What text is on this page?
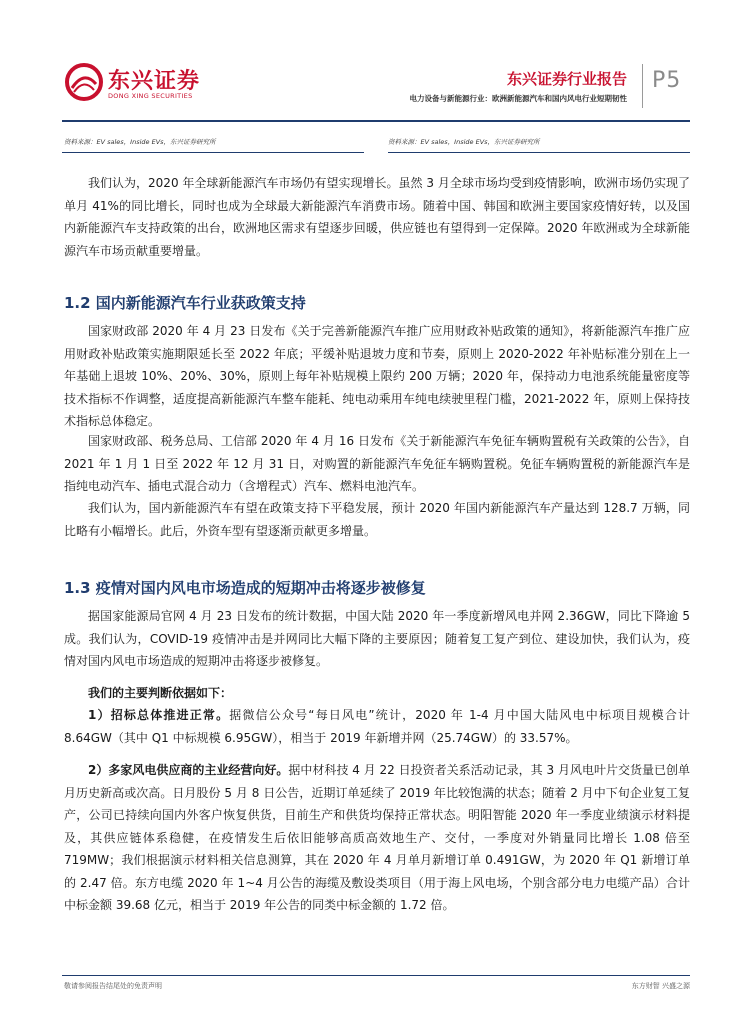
东兴证券
DONG XING SECURITIES
东兴证券行业报告
电力设备与新能源行业：欧洲新能源汽车和国内风电行业短期韧性
P5
资料来源：EV sales，Inside EVs，东兴证券研究所	资料来源：EV sales，Inside EVs，东兴证券研究所

我们认为，2020 年全球新能源汽车市场仍有望实现增长。虽然 3 月全球市场均受到疫情影响，欧洲市场仍实现了单月 41%的同比增长，同时也成为全球最大新能源汽车消费市场。随着中国、韩国和欧洲主要国家疫情好转，以及国内新能源汽车支持政策的出台，欧洲地区需求有望逐步回暖，供应链也有望得到一定保障。2020 年欧洲或为全球新能源汽车市场贡献重要增量。

1.2 国内新能源汽车行业获政策支持

国家财政部 2020 年 4 月 23 日发布《关于完善新能源汽车推广应用财政补贴政策的通知》，将新能源汽车推广应用财政补贴政策实施期限延长至 2022 年底；平缓补贴退坡力度和节奏，原则上 2020-2022 年补贴标准分别在上一年基础上退坡 10%、20%、30%，原则上每年补贴规模上限约 200 万辆；2020 年，保持动力电池系统能量密度等技术指标不作调整，适度提高新能源汽车整车能耗、纯电动乘用车纯电续驶里程门槛，2021-2022 年，原则上保持技术指标总体稳定。

国家财政部、税务总局、工信部 2020 年 4 月 16 日发布《关于新能源汽车免征车辆购置税有关政策的公告》，自 2021 年 1 月 1 日至 2022 年 12 月 31 日，对购置的新能源汽车免征车辆购置税。免征车辆购置税的新能源汽车是指纯电动汽车、插电式混合动力（含增程式）汽车、燃料电池汽车。

我们认为，国内新能源汽车有望在政策支持下平稳发展，预计 2020 年国内新能源汽车产量达到 128.7 万辆，同比略有小幅增长。此后，外资车型有望逐渐贡献更多增量。

1.3 疫情对国内风电市场造成的短期冲击将逐步被修复

据国家能源局官网 4 月 23 日发布的统计数据，中国大陆 2020 年一季度新增风电并网 2.36GW，同比下降逾 5 成。我们认为，COVID-19 疫情冲击是并网同比大幅下降的主要原因；随着复工复产到位、建设加快，我们认为，疫情对国内风电市场造成的短期冲击将逐步被修复。

我们的主要判断依据如下：

1）招标总体推进正常。据微信公众号“每日风电”统计，2020 年 1-4 月中国大陆风电中标项目规模合计 8.64GW（其中 Q1 中标规模 6.95GW），相当于 2019 年新增并网（25.74GW）的 33.57%。

2）多家风电供应商的主业经营向好。据中材科技 4 月 22 日投资者关系活动记录，其 3 月风电叶片交货量已创单月历史新高或次高。日月股份 5 月 8 日公告，近期订单延续了 2019 年比较饱满的状态；随着 2 月中下旬企业复工复产，公司已持续向国内外客户恢复供货，目前生产和供货均保持正常状态。明阳智能 2020 年一季度业绩演示材料提及，其供应链体系稳健，在疫情发生后依旧能够高质高效地生产、交付，一季度对外销量同比增长 1.08 倍至 719MW；我们根据演示材料相关信息测算，其在 2020 年 4 月单月新增订单 0.491GW，为 2020 年 Q1 新增订单的 2.47 倍。东方电缆 2020 年 1~4 月公告的海缆及敷设类项目（用于海上风电场，个别含部分电力电缆产品）合计中标金额 39.68 亿元，相当于 2019 年公告的同类中标金额的 1.72 倍。

敬请参阅报告结尾处的免责声明	东方财智 兴盛之源
